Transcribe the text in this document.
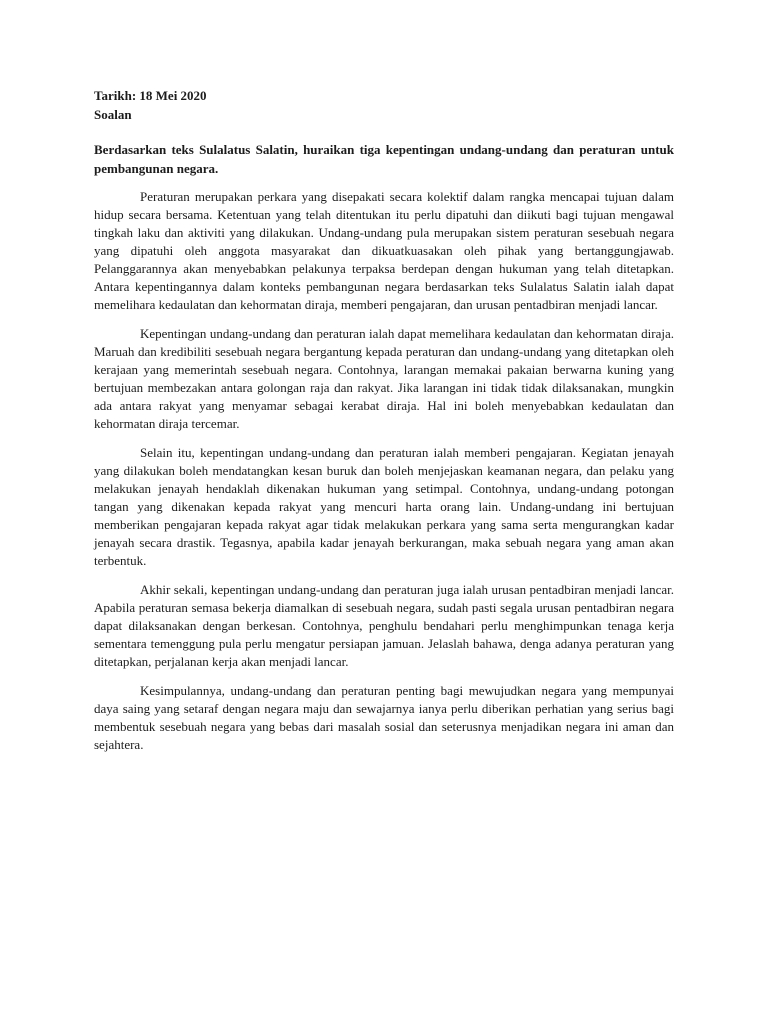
Tarikh: 18 Mei 2020

Soalan

Berdasarkan teks Sulalatus Salatin, huraikan tiga kepentingan undang-undang dan peraturan untuk pembangunan negara.

Peraturan merupakan perkara yang disepakati secara kolektif dalam rangka mencapai tujuan dalam hidup secara bersama. Ketentuan yang telah ditentukan itu perlu dipatuhi dan diikuti bagi tujuan mengawal tingkah laku dan aktiviti yang dilakukan. Undang-undang pula merupakan sistem peraturan sesebuah negara yang dipatuhi oleh anggota masyarakat dan dikuatkuasakan oleh pihak yang bertanggungjawab. Pelanggarannya akan menyebabkan pelakunya terpaksa berdepan dengan hukuman yang telah ditetapkan. Antara kepentingannya dalam konteks pembangunan negara berdasarkan teks Sulalatus Salatin ialah dapat memelihara kedaulatan dan kehormatan diraja, memberi pengajaran, dan urusan pentadbiran menjadi lancar.

Kepentingan undang-undang dan peraturan ialah dapat memelihara kedaulatan dan kehormatan diraja. Maruah dan kredibiliti sesebuah negara bergantung kepada peraturan dan undang-undang yang ditetapkan oleh kerajaan yang memerintah sesebuah negara. Contohnya, larangan memakai pakaian berwarna kuning yang bertujuan membezakan antara golongan raja dan rakyat. Jika larangan ini tidak tidak dilaksanakan, mungkin ada antara rakyat yang menyamar sebagai kerabat diraja. Hal ini boleh menyebabkan kedaulatan dan kehormatan diraja tercemar.

Selain itu, kepentingan undang-undang dan peraturan ialah memberi pengajaran. Kegiatan jenayah yang dilakukan boleh mendatangkan kesan buruk dan boleh menjejaskan keamanan negara, dan pelaku yang melakukan jenayah hendaklah dikenakan hukuman yang setimpal. Contohnya, undang-undang potongan tangan yang dikenakan kepada rakyat yang mencuri harta orang lain. Undang-undang ini bertujuan memberikan pengajaran kepada rakyat agar tidak melakukan perkara yang sama serta mengurangkan kadar jenayah secara drastik. Tegasnya, apabila kadar jenayah berkurangan, maka sebuah negara yang aman akan terbentuk.

Akhir sekali, kepentingan undang-undang dan peraturan juga ialah urusan pentadbiran menjadi lancar. Apabila peraturan semasa bekerja diamalkan di sesebuah negara, sudah pasti segala urusan pentadbiran negara dapat dilaksanakan dengan berkesan. Contohnya, penghulu bendahari perlu menghimpunkan tenaga kerja sementara temenggung pula perlu mengatur persiapan jamuan. Jelaslah bahawa, denga adanya peraturan yang ditetapkan, perjalanan kerja akan menjadi lancar.

Kesimpulannya, undang-undang dan peraturan penting bagi mewujudkan negara yang mempunyai daya saing yang setaraf dengan negara maju dan sewajarnya ianya perlu diberikan perhatian yang serius bagi membentuk sesebuah negara yang bebas dari masalah sosial dan seterusnya menjadikan negara ini aman dan sejahtera.
